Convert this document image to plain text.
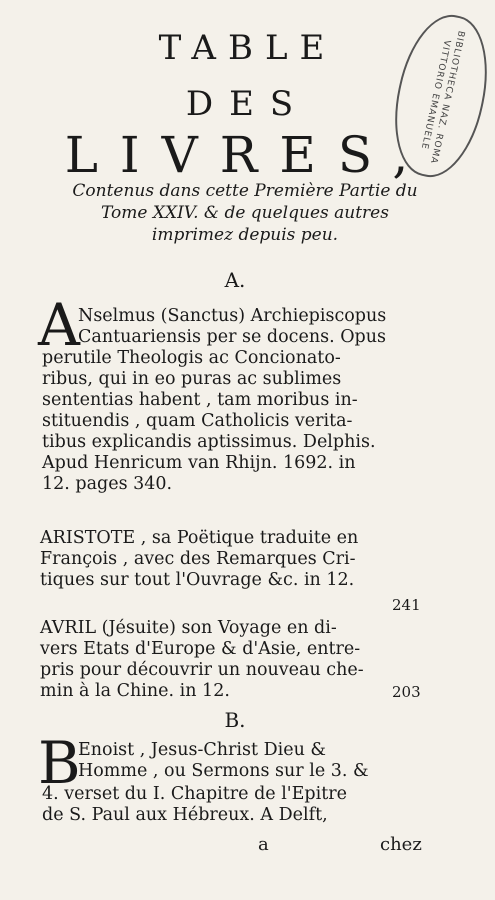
TABLE
DES
LIVRES,
BIBLIOTHECA NAZ. ROMA VITTORIO EMANUELE
Contenus dans cette Première Partie du
Tome XXIV. & de quelques autres
imprimez depuis peu.
A.
A
Nselmus (Sanctus) Archiepiscopus
Cantuariensis per se docens. Opus
perutile Theologis ac Concionato-
ribus, qui in eo puras ac sublimes
sententias habent , tam moribus in-
stituendis , quam Catholicis verita-
tibus explicandis aptissimus. Delphis.
Apud Henricum van Rhijn. 1692. in
12. pages 340.
ARISTOTE , sa Poëtique traduite en
François , avec des Remarques Cri-
tiques sur tout l'Ouvrage &c. in 12.
241
AVRIL (Jésuite) son Voyage en di-
vers Etats d'Europe & d'Asie, entre-
pris pour découvrir un nouveau che-
min à la Chine. in 12.	203
B.
B
Enoist , Jesus-Christ Dieu &
Homme , ou Sermons sur le 3. &
4. verset du I. Chapitre de l'Epitre
de S. Paul aux Hébreux. A Delft,
a	chez
